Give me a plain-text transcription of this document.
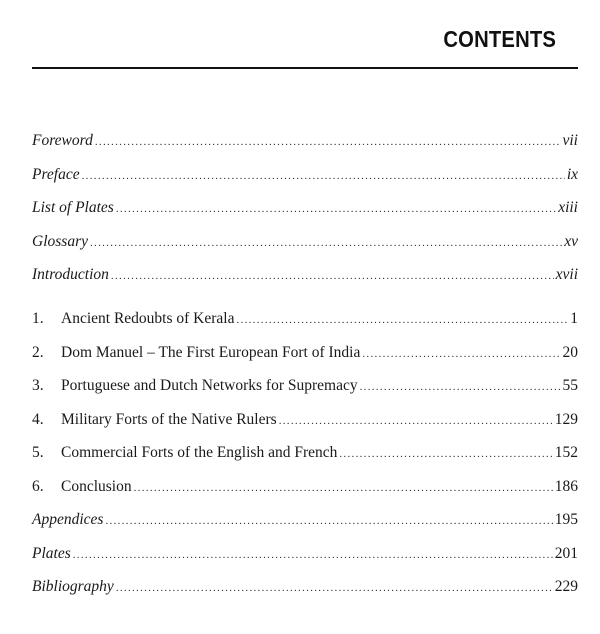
CONTENTS
Foreword .....	vii
Preface .....	ix
List of Plates .....	xiii
Glossary .....	xv
Introduction .....	xvii
1.	Ancient Redoubts of Kerala .....	1
2.	Dom Manuel – The First European Fort of India .....	20
3.	Portuguese and Dutch Networks for Supremacy .....	55
4.	Military Forts of the Native Rulers .....	129
5.	Commercial Forts of the English and French .....	152
6.	Conclusion .....	186
Appendices .....	195
Plates .....	201
Bibliography .....	229
